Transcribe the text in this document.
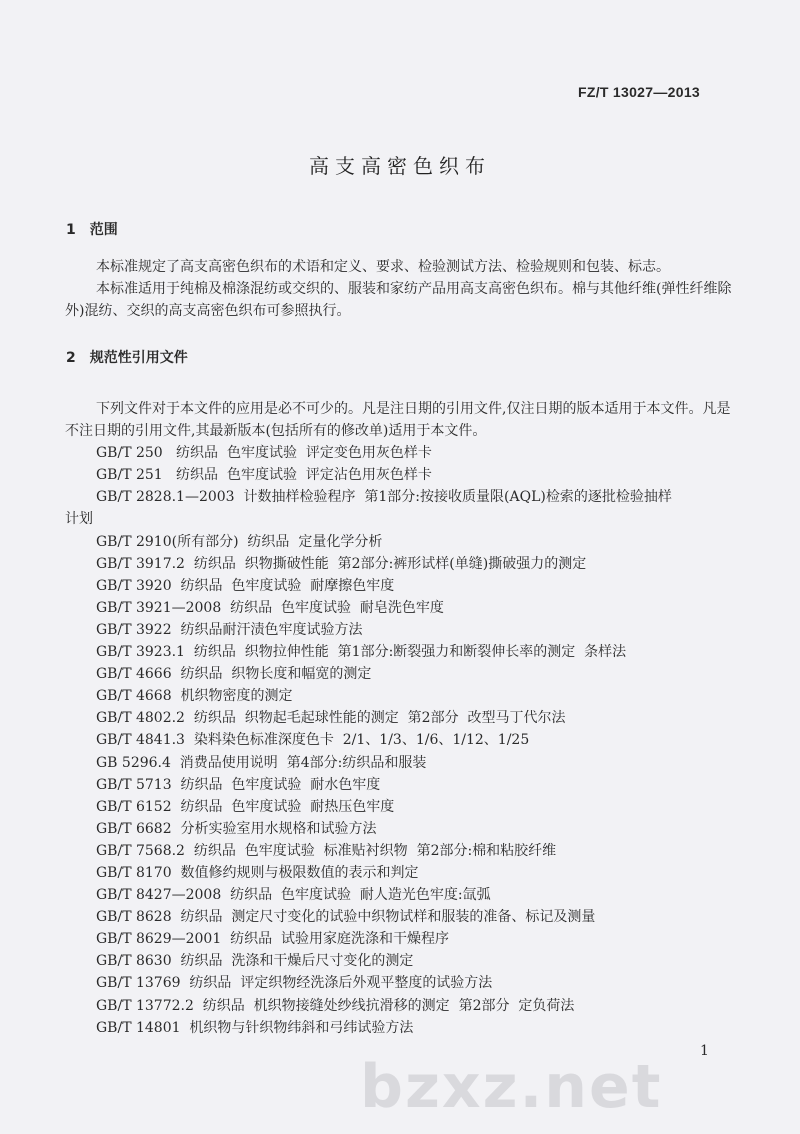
FZ/T 13027—2013
高支高密色织布
1 范围

本标准规定了高支高密色织布的术语和定义、要求、检验测试方法、检验规则和包装、标志。

本标准适用于纯棉及棉涤混纺或交织的、服装和家纺产品用高支高密色织布。棉与其他纤维(弹性纤维除外)混纺、交织的高支高密色织布可参照执行。

2 规范性引用文件

下列文件对于本文件的应用是必不可少的。凡是注日期的引用文件,仅注日期的版本适用于本文件。凡是不注日期的引用文件,其最新版本(包括所有的修改单)适用于本文件。

GB/T 250   纺织品  色牢度试验  评定变色用灰色样卡

GB/T 251   纺织品  色牢度试验  评定沾色用灰色样卡

GB/T 2828.1—2003  计数抽样检验程序  第1部分:按接收质量限(AQL)检索的逐批检验抽样

计划

GB/T 2910(所有部分)  纺织品  定量化学分析

GB/T 3917.2  纺织品  织物撕破性能  第2部分:裤形试样(单缝)撕破强力的测定

GB/T 3920  纺织品  色牢度试验  耐摩擦色牢度

GB/T 3921—2008  纺织品  色牢度试验  耐皂洗色牢度

GB/T 3922  纺织品耐汗渍色牢度试验方法

GB/T 3923.1  纺织品  织物拉伸性能  第1部分:断裂强力和断裂伸长率的测定  条样法

GB/T 4666  纺织品  织物长度和幅宽的测定

GB/T 4668  机织物密度的测定

GB/T 4802.2  纺织品  织物起毛起球性能的测定  第2部分  改型马丁代尔法

GB/T 4841.3  染料染色标准深度色卡  2/1、1/3、1/6、1/12、1/25

GB 5296.4  消费品使用说明  第4部分:纺织品和服装

GB/T 5713  纺织品  色牢度试验  耐水色牢度

GB/T 6152  纺织品  色牢度试验  耐热压色牢度

GB/T 6682  分析实验室用水规格和试验方法

GB/T 7568.2  纺织品  色牢度试验  标准贴衬织物  第2部分:棉和粘胶纤维

GB/T 8170  数值修约规则与极限数值的表示和判定

GB/T 8427—2008  纺织品  色牢度试验  耐人造光色牢度:氙弧

GB/T 8628  纺织品  测定尺寸变化的试验中织物试样和服装的准备、标记及测量

GB/T 8629—2001  纺织品  试验用家庭洗涤和干燥程序

GB/T 8630  纺织品  洗涤和干燥后尺寸变化的测定

GB/T 13769  纺织品  评定织物经洗涤后外观平整度的试验方法

GB/T 13772.2  纺织品  机织物接缝处纱线抗滑移的测定  第2部分  定负荷法

GB/T 14801  机织物与针织物纬斜和弓纬试验方法

1
bzxz.net
